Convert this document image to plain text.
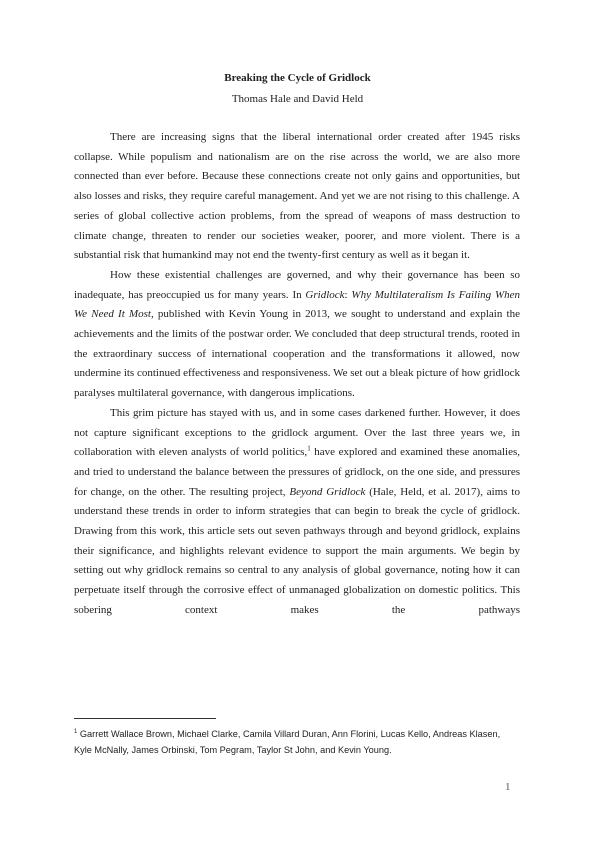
Breaking the Cycle of Gridlock
Thomas Hale and David Held

There are increasing signs that the liberal international order created after 1945 risks collapse. While populism and nationalism are on the rise across the world, we are also more connected than ever before. Because these connections create not only gains and opportunities, but also losses and risks, they require careful management. And yet we are not rising to this challenge. A series of global collective action problems, from the spread of weapons of mass destruction to climate change, threaten to render our societies weaker, poorer, and more violent. There is a substantial risk that humankind may not end the twenty-first century as well as it began it.

How these existential challenges are governed, and why their governance has been so inadequate, has preoccupied us for many years. In Gridlock: Why Multilateralism Is Failing When We Need It Most, published with Kevin Young in 2013, we sought to understand and explain the achievements and the limits of the postwar order. We concluded that deep structural trends, rooted in the extraordinary success of international cooperation and the transformations it allowed, now undermine its continued effectiveness and responsiveness. We set out a bleak picture of how gridlock paralyses multilateral governance, with dangerous implications.

This grim picture has stayed with us, and in some cases darkened further. However, it does not capture significant exceptions to the gridlock argument. Over the last three years we, in collaboration with eleven analysts of world politics,$^1$ have explored and examined these anomalies, and tried to understand the balance between the pressures of gridlock, on the one side, and pressures for change, on the other. The resulting project, Beyond Gridlock (Hale, Held, et al. 2017), aims to understand these trends in order to inform strategies that can begin to break the cycle of gridlock. Drawing from this work, this article sets out seven pathways through and beyond gridlock, explains their significance, and highlights relevant evidence to support the main arguments. We begin by setting out why gridlock remains so central to any analysis of global governance, noting how it can perpetuate itself through the corrosive effect of unmanaged globalization on domestic politics. This sobering context makes the pathways

$^1$ Garrett Wallace Brown, Michael Clarke, Camila Villard Duran, Ann Florini, Lucas Kello, Andreas Klasen, Kyle McNally, James Orbinski, Tom Pegram, Taylor St John, and Kevin Young.
1
